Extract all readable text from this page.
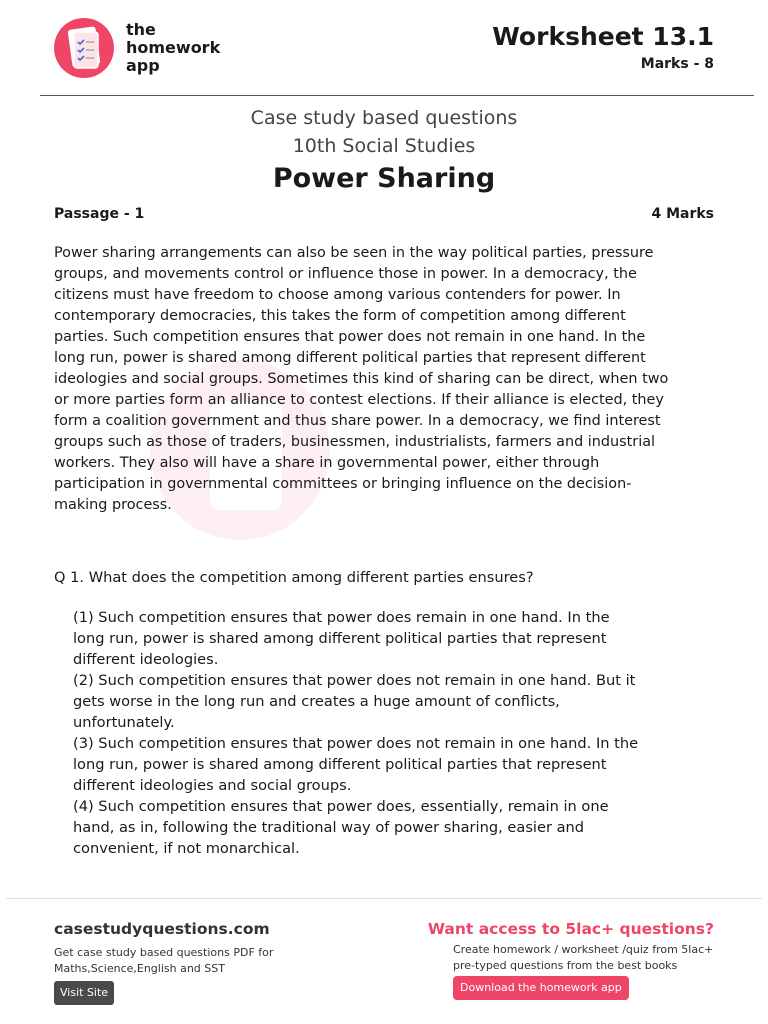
the
homework
app
Worksheet 13.1
Marks - 8
Case study based questions
10th Social Studies
Power Sharing
Passage - 1	4 Marks
Power sharing arrangements can also be seen in the way political parties, pressure groups, and movements control or influence those in power. In a democracy, the citizens must have freedom to choose among various contenders for power. In contemporary democracies, this takes the form of competition among different parties. Such competition ensures that power does not remain in one hand. In the long run, power is shared among different political parties that represent different ideologies and social groups. Sometimes this kind of sharing can be direct, when two or more parties form an alliance to contest elections. If their alliance is elected, they form a coalition government and thus share power. In a democracy, we find interest groups such as those of traders, businessmen, industrialists, farmers and industrial workers. They also will have a share in governmental power, either through participation in governmental committees or bringing influence on the decision-making process.
Q 1. What does the competition among different parties ensures?

(1) Such competition ensures that power does remain in one hand. In the long run, power is shared among different political parties that represent different ideologies.

(2) Such competition ensures that power does not remain in one hand. But it gets worse in the long run and creates a huge amount of conflicts, unfortunately.

(3) Such competition ensures that power does not remain in one hand. In the long run, power is shared among different political parties that represent different ideologies and social groups.

(4) Such competition ensures that power does, essentially, remain in one hand, as in, following the traditional way of power sharing, easier and convenient, if not monarchical.

casestudyquestions.com
Get case study based questions PDF for Maths,Science,English and SST
Visit Site
Want access to 5lac+ questions?
Create homework / worksheet /quiz from 5lac+ pre-typed questions from the best books
Download the homework app
